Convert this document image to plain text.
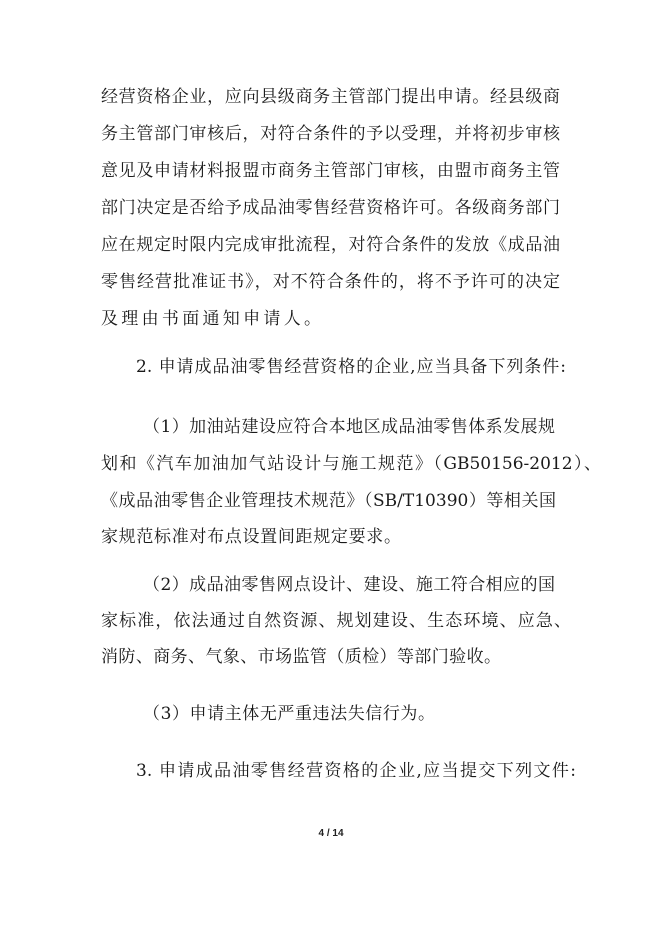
经营资格企业，应向县级商务主管部门提出申请。经县级商
务主管部门审核后，对符合条件的予以受理，并将初步审核
意见及申请材料报盟市商务主管部门审核，由盟市商务主管
部门决定是否给予成品油零售经营资格许可。各级商务部门
应在规定时限内完成审批流程，对符合条件的发放《成品油
零售经营批准证书》，对不符合条件的，将不予许可的决定
及理由书面通知申请人。
2. 申请成品油零售经营资格的企业,应当具备下列条件:
（1）加油站建设应符合本地区成品油零售体系发展规
划和《汽车加油加气站设计与施工规范》（GB50156-2012）、
《成品油零售企业管理技术规范》（SB/T10390）等相关国
家规范标准对布点设置间距规定要求。
（2）成品油零售网点设计、建设、施工符合相应的国
家标准，依法通过自然资源、规划建设、生态环境、应急、
消防、商务、气象、市场监管（质检）等部门验收。
（3）申请主体无严重违法失信行为。
3. 申请成品油零售经营资格的企业,应当提交下列文件:
4 / 14
